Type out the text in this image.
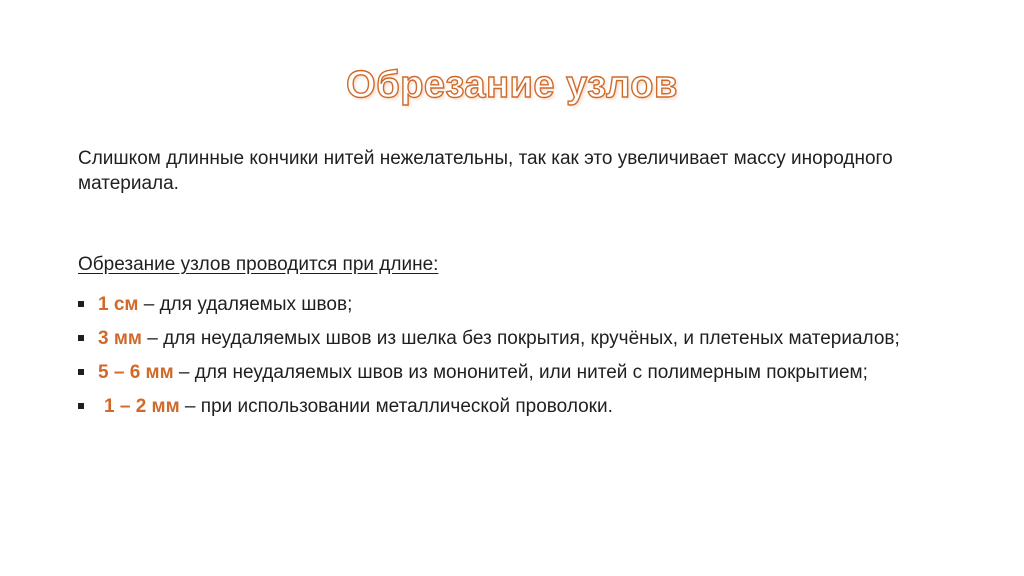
Обрезание узлов
Слишком длинные кончики нитей нежелательны, так как это увеличивает массу инородного материала.
Обрезание узлов проводится при длине:
1 см – для удаляемых швов;
3 мм – для неудаляемых швов из шелка без покрытия, кручёных, и плетеных материалов;
5 – 6 мм – для неудаляемых швов из мононитей, или нитей с полимерным покрытием;
1 – 2 мм – при использовании металлической проволоки.
